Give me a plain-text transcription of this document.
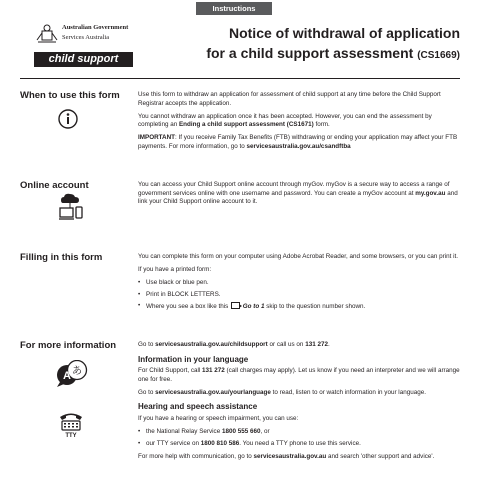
Instructions
Australian Government
Services Australia
child support
Notice of withdrawal of application
for a child support assessment (CS1669)
When to use this form	Use this form to withdraw an application for assessment of child support at any time before the Child Support Registrar accepts the application.

You cannot withdraw an application once it has been accepted. However, you can end the assessment by completing an Ending a child support assessment (CS1671) form.

IMPORTANT: If you receive Family Tax Benefits (FTB) withdrawing or ending your application may affect your FTB payments. For more information, go to servicesaustralia.gov.au/csandftba

Online account	You can access your Child Support online account through myGov. myGov is a secure way to access a range of government services online with one username and password. You can create a myGov account at my.gov.au and link your Child Support online account to it.

Filling in this form	You can complete this form on your computer using Adobe Acrobat Reader, and some browsers, or you can print it.

If you have a printed form:

• Use black or blue pen.
• Print in BLOCK LETTERS.
• Where you see a box like this Go to 1 skip to the question number shown.
For more information
A あ
TTY

Go to servicesaustralia.gov.au/childsupport or call us on 131 272.

Information in your language

For Child Support, call 131 272 (call charges may apply). Let us know if you need an interpreter and we will arrange one for free.

Go to servicesaustralia.gov.au/yourlanguage to read, listen to or watch information in your language.

Hearing and speech assistance

If you have a hearing or speech impairment, you can use:

• the National Relay Service 1800 555 660, or
• our TTY service on 1800 810 586. You need a TTY phone to use this service.

For more help with communication, go to servicesaustralia.gov.au and search 'other support and advice'.
